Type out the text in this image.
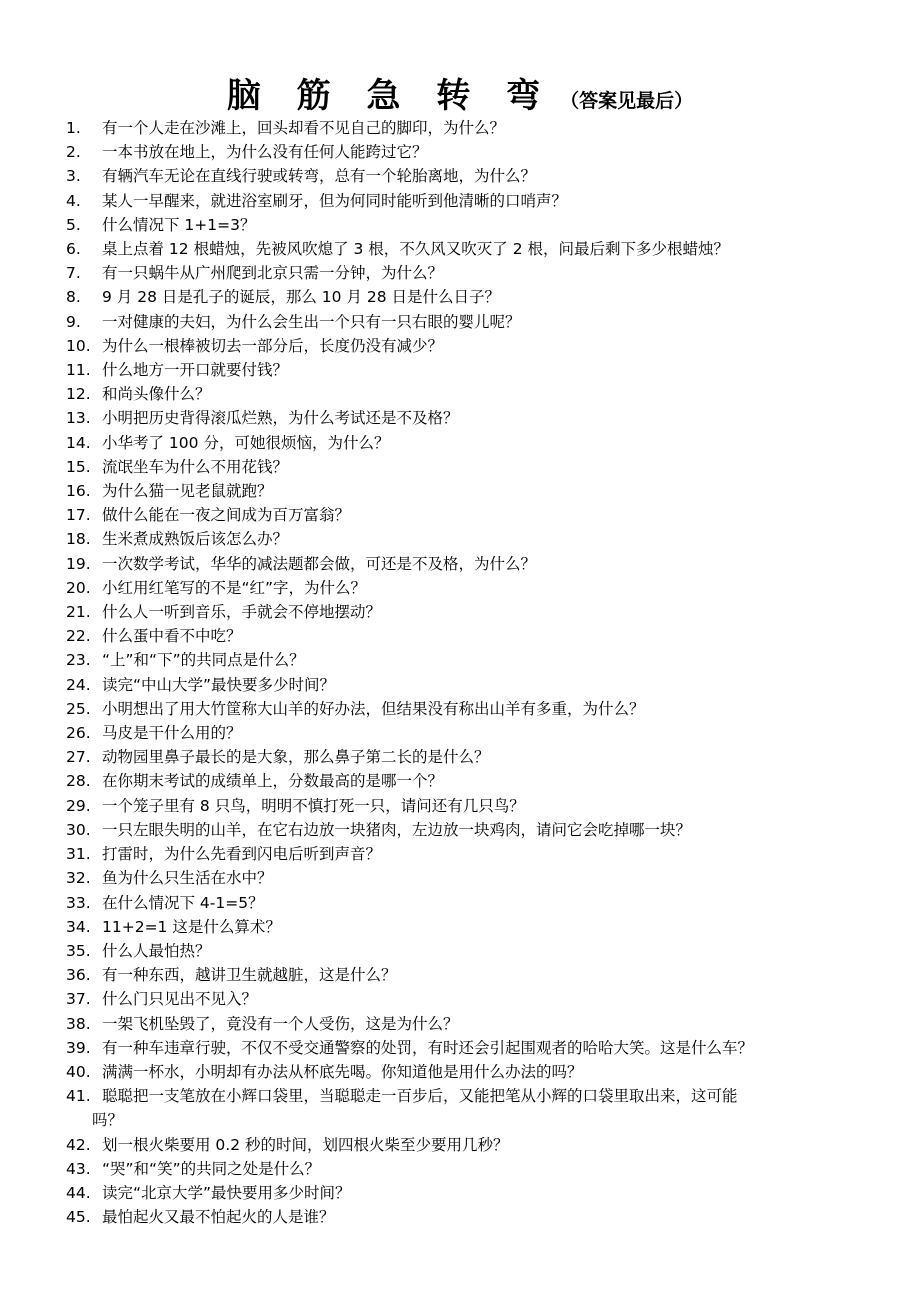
脑 筋 急 转 弯 （答案见最后）
1. 有一个人走在沙滩上，回头却看不见自己的脚印，为什么？
2. 一本书放在地上，为什么没有任何人能跨过它？
3. 有辆汽车无论在直线行驶或转弯，总有一个轮胎离地，为什么？
4. 某人一早醒来，就进浴室刷牙，但为何同时能听到他清晰的口哨声？
5. 什么情况下 1+1=3？
6. 桌上点着 12 根蜡烛，先被风吹熄了 3 根，不久风又吹灭了 2 根，问最后剩下多少根蜡烛？
7. 有一只蜗牛从广州爬到北京只需一分钟，为什么？
8. 9 月 28 日是孔子的诞辰，那么 10 月 28 日是什么日子？
9. 一对健康的夫妇，为什么会生出一个只有一只右眼的婴儿呢？
10. 为什么一根棒被切去一部分后，长度仍没有减少？
11. 什么地方一开口就要付钱？
12. 和尚头像什么？
13. 小明把历史背得滚瓜烂熟，为什么考试还是不及格？
14. 小华考了 100 分，可她很烦恼，为什么？
15. 流氓坐车为什么不用花钱？
16. 为什么猫一见老鼠就跑？
17. 做什么能在一夜之间成为百万富翁？
18. 生米煮成熟饭后该怎么办？
19. 一次数学考试，华华的减法题都会做，可还是不及格，为什么？
20. 小红用红笔写的不是“红”字，为什么？
21. 什么人一听到音乐，手就会不停地摆动？
22. 什么蛋中看不中吃？
23. “上”和“下”的共同点是什么？
24. 读完“中山大学”最快要多少时间？
25. 小明想出了用大竹筐称大山羊的好办法，但结果没有称出山羊有多重，为什么？
26. 马皮是干什么用的？
27. 动物园里鼻子最长的是大象，那么鼻子第二长的是什么？
28. 在你期末考试的成绩单上，分数最高的是哪一个？
29. 一个笼子里有 8 只鸟，明明不慎打死一只，请问还有几只鸟？
30. 一只左眼失明的山羊，在它右边放一块猪肉，左边放一块鸡肉，请问它会吃掉哪一块？
31. 打雷时，为什么先看到闪电后听到声音？
32. 鱼为什么只生活在水中？
33. 在什么情况下 4-1=5？
34. 11+2=1 这是什么算术？
35. 什么人最怕热？
36. 有一种东西，越讲卫生就越脏，这是什么？
37. 什么门只见出不见入？
38. 一架飞机坠毁了，竟没有一个人受伤，这是为什么？
39. 有一种车违章行驶，不仅不受交通警察的处罚，有时还会引起围观者的哈哈大笑。这是什么车？
40. 满满一杯水，小明却有办法从杯底先喝。你知道他是用什么办法的吗？
41. 聪聪把一支笔放在小辉口袋里，当聪聪走一百步后，又能把笔从小辉的口袋里取出来，这可能
吗？
42. 划一根火柴要用 0.2 秒的时间，划四根火柴至少要用几秒？
43. “哭”和“笑”的共同之处是什么？
44. 读完“北京大学”最快要用多少时间？
45. 最怕起火又最不怕起火的人是谁？
